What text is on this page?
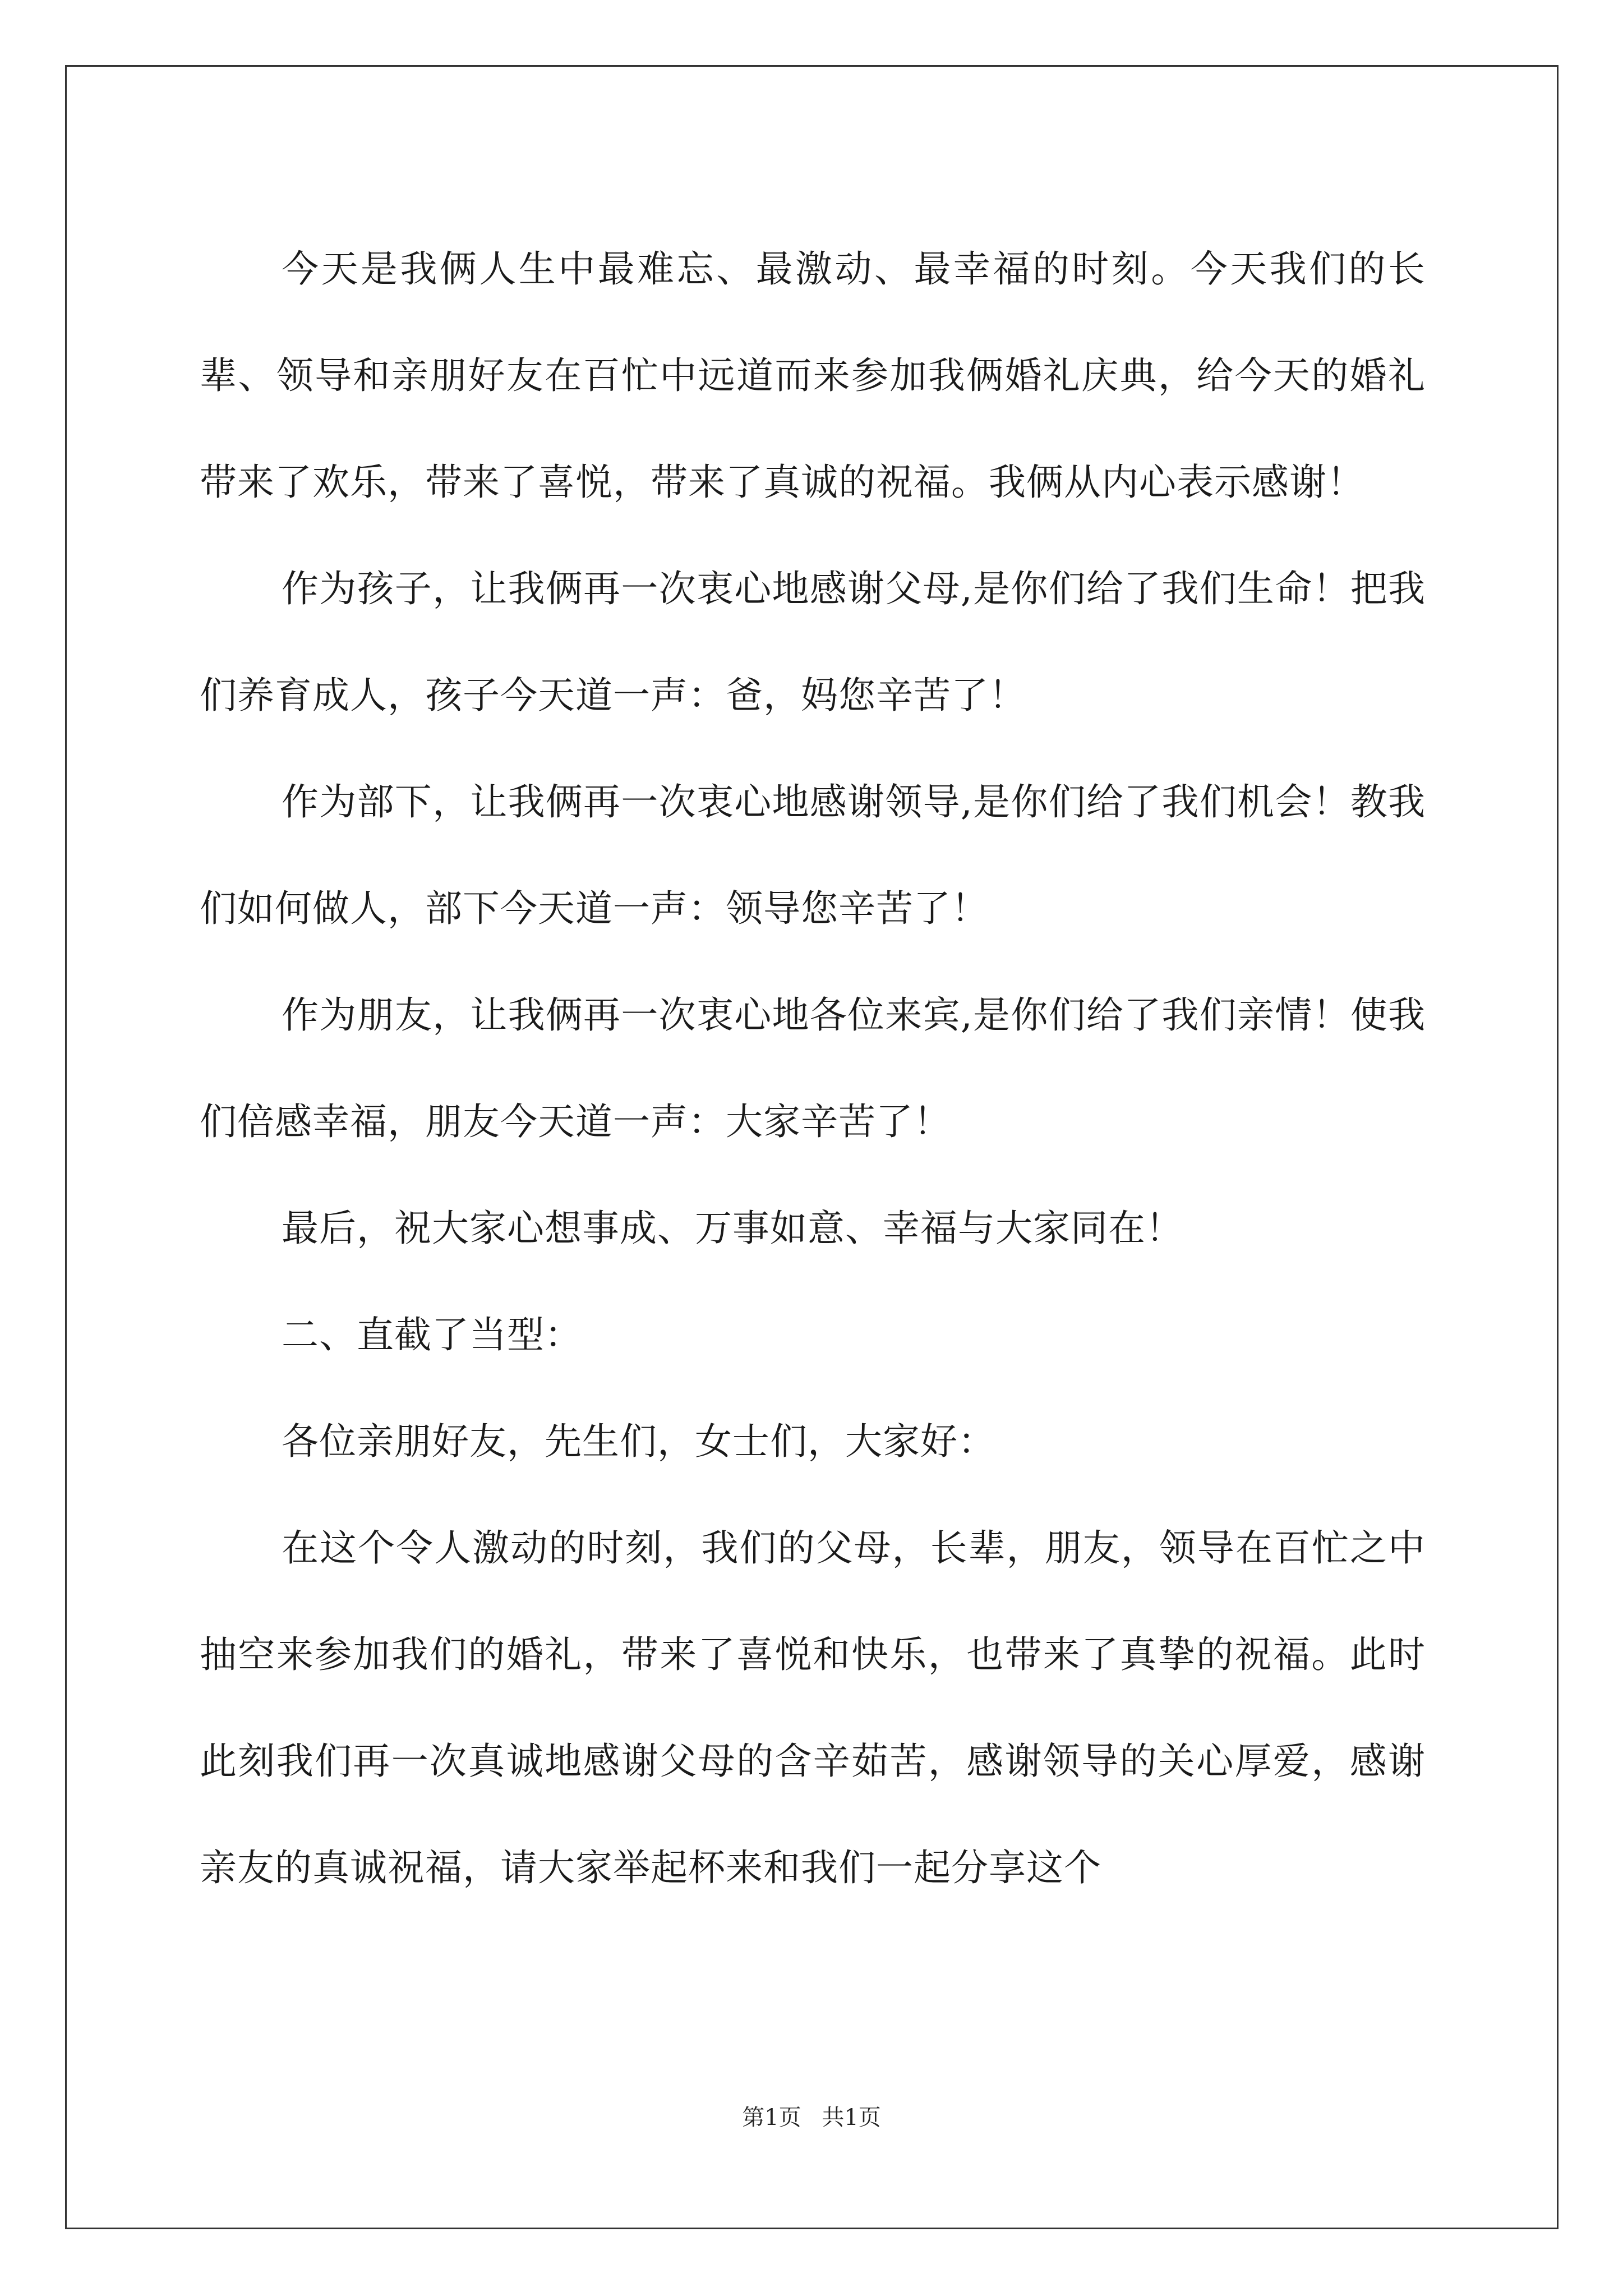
今天是我俩人生中最难忘、最激动、最幸福的时刻。今天我们的长辈、领导和亲朋好友在百忙中远道而来参加我俩婚礼庆典，给今天的婚礼带来了欢乐，带来了喜悦，带来了真诚的祝福。我俩从内心表示感谢！

作为孩子，让我俩再一次衷心地感谢父母,是你们给了我们生命！把我们养育成人，孩子今天道一声：爸，妈您辛苦了！

作为部下，让我俩再一次衷心地感谢领导,是你们给了我们机会！教我们如何做人，部下今天道一声：领导您辛苦了！

作为朋友，让我俩再一次衷心地各位来宾,是你们给了我们亲情！使我们倍感幸福，朋友今天道一声：大家辛苦了！

最后，祝大家心想事成、万事如意、幸福与大家同在！

二、直截了当型：

各位亲朋好友，先生们，女士们，大家好：

在这个令人激动的时刻，我们的父母，长辈，朋友，领导在百忙之中抽空来参加我们的婚礼，带来了喜悦和快乐，也带来了真挚的祝福。此时此刻我们再一次真诚地感谢父母的含辛茹苦，感谢领导的关心厚爱，感谢亲友的真诚祝福，请大家举起杯来和我们一起分享这个

第1页 共1页
